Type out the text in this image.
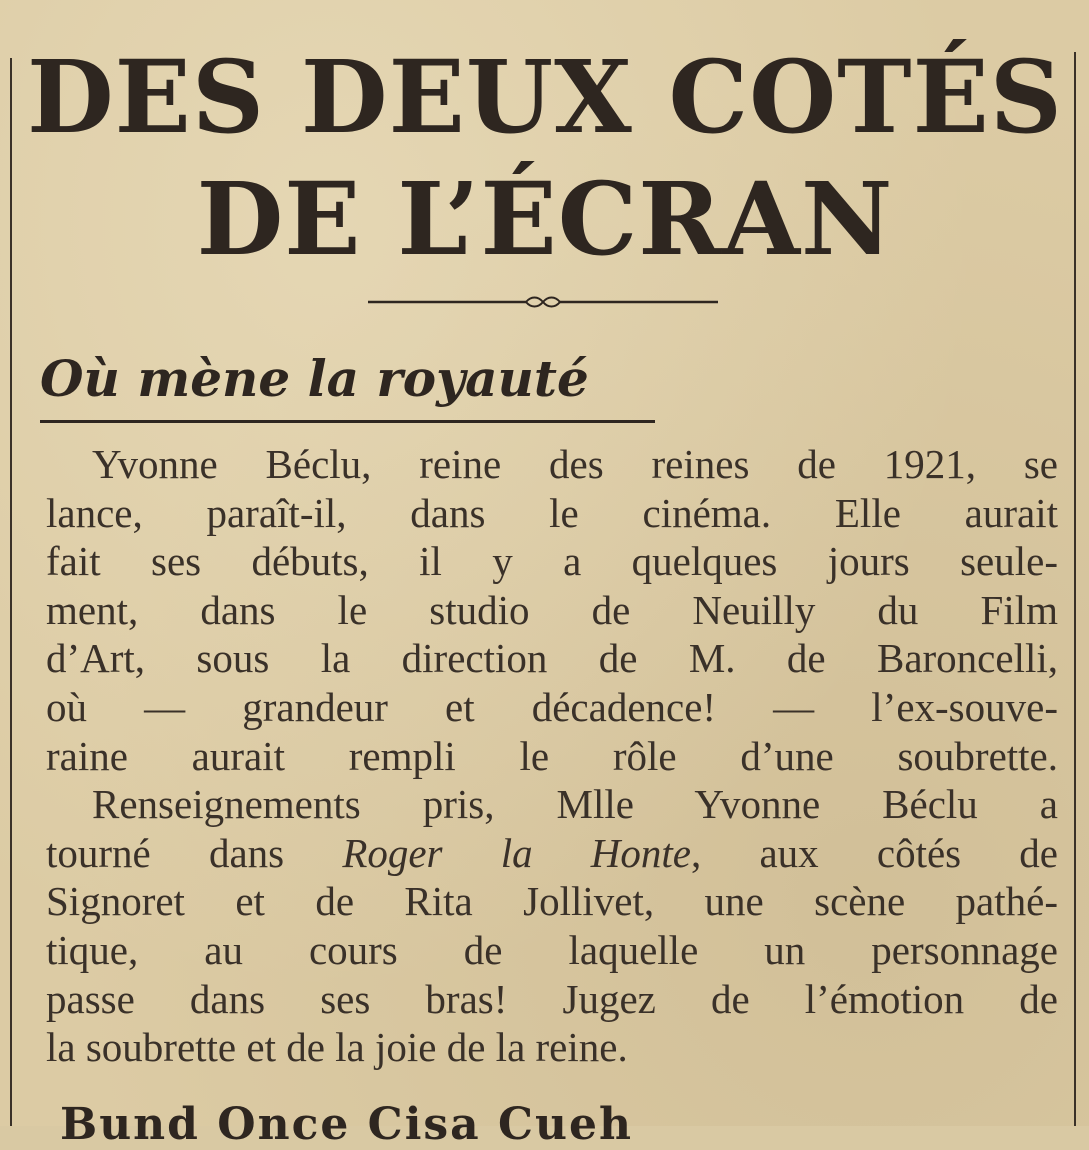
DES DEUX COTÉS
DE L’ÉCRAN
Où mène la royauté

Yvonne Béclu, reine des reines de 1921, se
lance, paraît-il, dans le cinéma. Elle aurait
fait ses débuts, il y a quelques jours seule-
ment, dans le studio de Neuilly du Film
d’Art, sous la direction de M. de Baroncelli,
où — grandeur et décadence! — l’ex-souve-
raine aurait rempli le rôle d’une soubrette.

Renseignements pris, Mlle Yvonne Béclu a
tourné dans Roger la Honte, aux côtés de
Signoret et de Rita Jollivet, une scène pathé-
tique, au cours de laquelle un personnage
passe dans ses bras! Jugez de l’émotion de
la soubrette et de la joie de la reine.

Bund Once Cisa Cueh
